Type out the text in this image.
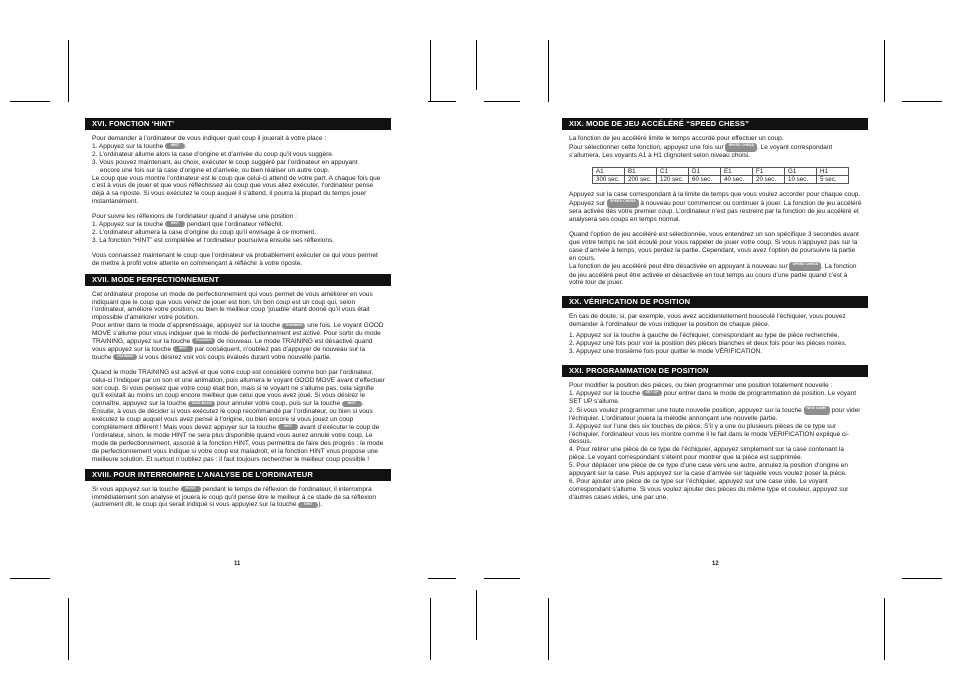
XVI. FONCTION ‘HINT’

Pour demander à l’ordinateur de vous indiquer quel coup il jouerait à votre place :

1. Appuyez sur la touche HINT .

2. L’ordinateur allume alors la case d’origine et d’arrivée du coup qu’il vous suggère.

3. Vous pouvez maintenant, au choix, exécuter le coup suggéré par l’ordinateur en appuyant

encore une fois sur la case d’origine et d’arrivée, ou bien réaliser un autre coup.

Le coup que vous montre l’ordinateur est le coup que celui-ci attend de votre part. A chaque fois que c’est à vous de jouer et que vous réfléchissez au coup que vous allez exécuter, l’ordinateur pense déjà à sa riposte. Si vous exécutez le coup auquel il s’attend, il pourra la plupart du temps jouer instantanément.

Pour suivre les réflexions de l’ordinateur quand il analyse une position :

1. Appuyez sur la touche HINT pendant que l’ordinateur réfléchit.

2. L’ordinateur allumera la case d’origine du coup qu’il envisage à ce moment.

3. La fonction “HINT” est complétée et l’ordinateur poursuivra ensuite ses réflexions.

Vous connaissez maintenant le coup que l’ordinateur va probablement exécuter ce qui vous permet de mettre à profit votre attente en commençant à réfléchir à votre riposte.

XVII. MODE PERFECTIONNEMENT

Cet ordinateur propose un mode de perfectionnement qui vous permet de vous améliorer en vous indiquant que le coup que vous venez de jouer est bon. Un bon coup est un coup qui, selon l’ordinateur, améliore votre position, ou bien le meilleur coup ‘jouable’ étant donné qu’il vous était impossible d’améliorer votre position.

Pour entrer dans le mode d’apprentissage, appuyez sur la touche TRAINING une fois. Le voyant GOOD MOVE s’allume pour vous indiquer que le mode de perfectionnement est activé. Pour sortir du mode TRAINING, appuyez sur la touche TRAINING de nouveau. Le mode TRAINING est désactivé quand vous appuyez sur la touche HINT par conséquent, n’oubliez pas d’appuyer de nouveau sur la touche TRAINING si vous désirez voir vos coups évalués durant votre nouvelle partie.

Quand le mode TRAINING est activé et que votre coup est considéré comme bon par l’ordinateur, celui-ci l’indiquer par un son et une animation, puis allumera le voyant GOOD MOVE avant d’effectuer son coup. Si vous pensez que votre coup était bon, mais si le voyant ne s’allume pas, cela signifie qu’il existait au moins un coup encore meilleur que celui que vous avez joué. Si vous désirez le connaître, appuyez sur la touche TAKE BACK pour annuler votre coup, puis sur la touche HINT . Ensuite, à vous de décider si vous exécutez le coup recommandé par l’ordinateur, ou bien si vous exécutez le coup auquel vous avez pensé à l’origine, ou bien encore si vous jouez un coup complètement différent ! Mais vous devez appuyer sur la touche HINT avant d’exécuter le coup de l’ordinateur, sinon, le mode HINT ne sera plus disponible quand vous aurez annulé votre coup. Le mode de perfectionnement, associé à la fonction HINT, vous permettra de faire des progrès : le mode de perfectionnement vous indique si votre coup est maladroit, et la fonction HINT vous propose une meilleure solution. Et surtout n’oubliez pas : il faut toujours rechercher le meilleur coup possible !

XVIII. POUR INTERROMPRE L’ANALYSE DE L’ORDINATEUR

Si vous appuyez sur la touche MOVE pendant le temps de réflexion de l’ordinateur, il interrompra immédiatement son analyse et jouera le coup qu’il pense être le meilleur à ce stade de sa réflexion (autrement dit, le coup qui serait indiqué si vous appuyiez sur la touche HINT ).

11
XIX. MODE DE JEU ACCÉLÉRÉ “SPEED CHESS”

La fonction de jeu accéléré limite le temps accordé pour effectuer un coup.

Pour sélectionner cette fonction, appuyez une fois sur SPEED CHESS . Le voyant correspondant s’allumera. Les voyants A1 à H1 clignotent selon niveau choisi.

A1	B1	C1	D1	E1	F1	G1	H1
300 sec.	200 sec.	120 sec.	60 sec.	40 sec.	20 sec.	10 sec.	5 sec.

Appuyez sur la case correspondant à la limite de temps que vous voulez accorder pour chaque coup.

Appuyez sur SPEED CHESS à nouveau pour commencer ou continuer à jouer. La fonction de jeu accéléré sera activée dès votre premier coup. L’ordinateur n’est pas restreint par la fonction de jeu accéléré et analysera ses coups en temps normal.

Quand l’option de jeu accéléré est sélectionnée, vous entendrez un son spécifique 3 secondes avant que votre temps ne soit écoulé pour vous rappeler de jouer votre coup. Si vous n’appuyez pas sur la case d’arrivée à temps, vous perdez la partie. Cependant, vous avez l’option de poursuivre la partie en cours.

La fonction de jeu accéléré peut être désactivée en appuyant à nouveau sur SPEED CHESS . La fonction de jeu accéléré peut être activée et désactivée en tout temps au cours d’une partie quand c’est à votre tour de jouer.

XX. VÉRIFICATION DE POSITION

En cas de doute, si, par exemple, vous avez accidentellement bousculé l’échiquier, vous pouvez demander à l’ordinateur de vous indiquer la position de chaque pièce.

1. Appuyez sur la touche à gauche de l’échiquier, correspondant au type de pièce recherchée.

2. Appuyez une fois pour voir la position des pièces blanches et deux fois pour les pièces noires.

3. Appuyez une troisième fois pour quitter le mode VÉRIFICATION.

XXI. PROGRAMMATION DE POSITION

Pour modifier la position des pièces, ou bien programmer une position totalement nouvelle :

1. Appuyez sur la touche SET UP pour entrer dans le mode de programmation de position. Le voyant SET UP s’allume.

2. Si vous voulez programmer une toute nouvelle position, appuyez sur la touche NEW GAME pour vider l’échiquier. L’ordinateur jouera la mélodie annonçant une nouvelle partie.

3. Appuyez sur l’une des six touches de pièce. S’il y a une ou plusieurs pièces de ce type sur l’échiquier, l’ordinateur vous les montre comme il le fait dans le mode VERIFICATION expliqué ci-dessus.

4. Pour retirer une pièce de ce type de l’échiquier, appuyez simplement sur la case contenant la pièce. Le voyant correspondant s’éteint pour montrer que la pièce est supprimée.

5. Pour déplacer une pièce de ce type d’une case vers une autre, annulez la position d’origine en appuyant sur la case. Puis appuyez sur la case d’arrivée sur laquelle vous voulez poser la pièce.

6. Pour ajouter une pièce de ce type sur l’échiquier, appuyez sur une case vide. Le voyant correspondant s’allume. Si vous voulez ajouter des pièces du même type et couleur, appuyez sur d’autres cases vides, une par une.

12
